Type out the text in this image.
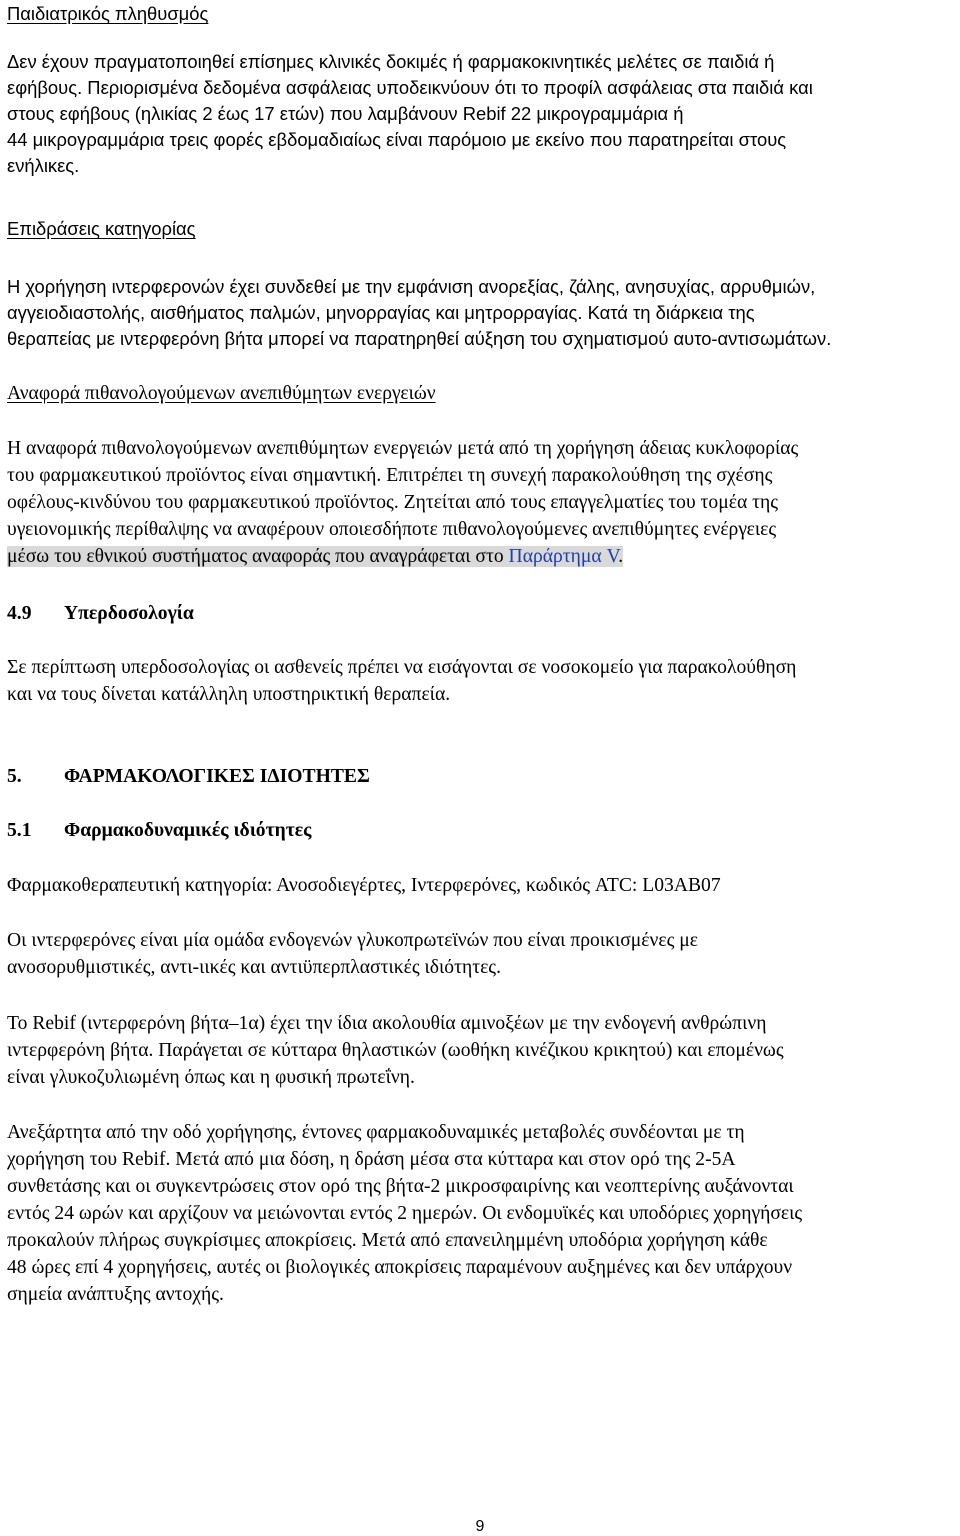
Παιδιατρικός πληθυσμός
Δεν έχουν πραγματοποιηθεί επίσημες κλινικές δοκιμές ή φαρμακοκινητικές μελέτες σε παιδιά ή
εφήβους. Περιορισμένα δεδομένα ασφάλειας υποδεικνύουν ότι το προφίλ ασφάλειας στα παιδιά και
στους εφήβους (ηλικίας 2 έως 17 ετών) που λαμβάνουν Rebif 22 μικρογραμμάρια ή
44 μικρογραμμάρια τρεις φορές εβδομαδιαίως είναι παρόμοιο με εκείνο που παρατηρείται στους
ενήλικες.
Επιδράσεις κατηγορίας
Η χορήγηση ιντερφερονών έχει συνδεθεί με την εμφάνιση ανορεξίας, ζάλης, ανησυχίας, αρρυθμιών,
αγγειοδιαστολής, αισθήματος παλμών, μηνορραγίας και μητρορραγίας. Κατά τη διάρκεια της
θεραπείας με ιντερφερόνη βήτα μπορεί να παρατηρηθεί αύξηση του σχηματισμού αυτο-αντισωμάτων.
Αναφορά πιθανολογούμενων ανεπιθύμητων ενεργειών
Η αναφορά πιθανολογούμενων ανεπιθύμητων ενεργειών μετά από τη χορήγηση άδειας κυκλοφορίας
του φαρμακευτικού προϊόντος είναι σημαντική. Επιτρέπει τη συνεχή παρακολούθηση της σχέσης
οφέλους-κινδύνου του φαρμακευτικού προϊόντος. Ζητείται από τους επαγγελματίες του τομέα της
υγειονομικής περίθαλψης να αναφέρουν οποιεσδήποτε πιθανολογούμενες ανεπιθύμητες ενέργειες
μέσω του εθνικού συστήματος αναφοράς που αναγράφεται στο Παράρτημα V.
4.9 Υπερδοσολογία
Σε περίπτωση υπερδοσολογίας οι ασθενείς πρέπει να εισάγονται σε νοσοκομείο για παρακολούθηση
και να τους δίνεται κατάλληλη υποστηρικτική θεραπεία.
5. ΦΑΡΜΑΚΟΛΟΓΙΚΕΣ ΙΔΙΟΤΗΤΕΣ
5.1 Φαρμακοδυναμικές ιδιότητες
Φαρμακοθεραπευτική κατηγορία: Ανοσοδιεγέρτες, Ιντερφερόνες, κωδικός ATC: L03AB07
Οι ιντερφερόνες είναι μία ομάδα ενδογενών γλυκοπρωτεϊνών που είναι προικισμένες με
ανοσορυθμιστικές, αντι-ιικές και αντιϋπερπλαστικές ιδιότητες.
Το Rebif (ιντερφερόνη βήτα–1α) έχει την ίδια ακολουθία αμινοξέων με την ενδογενή ανθρώπινη
ιντερφερόνη βήτα. Παράγεται σε κύτταρα θηλαστικών (ωοθήκη κινέζικου κρικητού) και επομένως
είναι γλυκοζυλιωμένη όπως και η φυσική πρωτεΐνη.
Ανεξάρτητα από την οδό χορήγησης, έντονες φαρμακοδυναμικές μεταβολές συνδέονται με τη
χορήγηση του Rebif. Μετά από μια δόση, η δράση μέσα στα κύτταρα και στον ορό της 2-5A
συνθετάσης και οι συγκεντρώσεις στον ορό της βήτα-2 μικροσφαιρίνης και νεοπτερίνης αυξάνονται
εντός 24 ωρών και αρχίζουν να μειώνονται εντός 2 ημερών. Οι ενδομυϊκές και υποδόριες χορηγήσεις
προκαλούν πλήρως συγκρίσιμες αποκρίσεις. Μετά από επανειλημμένη υποδόρια χορήγηση κάθε
48 ώρες επί 4 χορηγήσεις, αυτές οι βιολογικές αποκρίσεις παραμένουν αυξημένες και δεν υπάρχουν
σημεία ανάπτυξης αντοχής.
9
